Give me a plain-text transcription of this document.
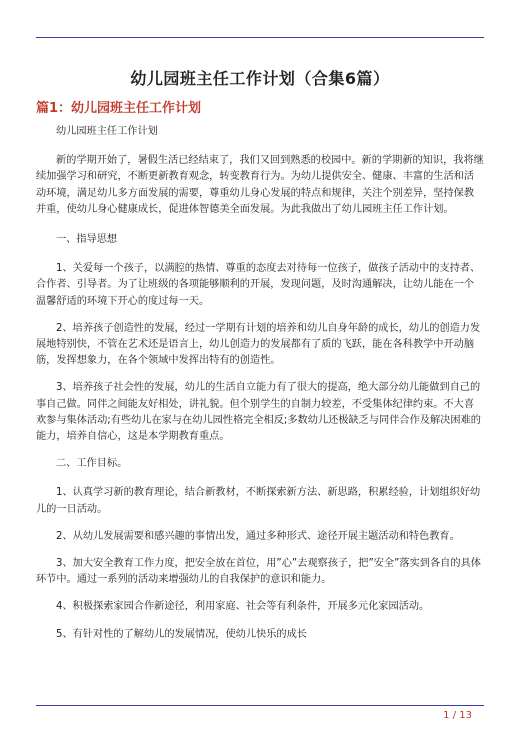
幼儿园班主任工作计划（合集6篇）
篇1：幼儿园班主任工作计划

幼儿园班主任工作计划

新的学期开始了，暑假生活已经结束了，我们又回到熟悉的校园中。新的学期新的知识，我将继续加强学习和研究，不断更新教育观念，转变教育行为。为幼儿提供安全、健康、丰富的生活和活动环境，满足幼儿多方面发展的需要，尊重幼儿身心发展的特点和规律，关注个别差异，坚持保教并重，使幼儿身心健康成长，促进体智德美全面发展。为此我做出了幼儿园班主任工作计划。

一、指导思想

1、关爱每一个孩子，以满腔的热情、尊重的态度去对待每一位孩子，做孩子活动中的支持者、合作者、引导者。为了让班级的各项能够顺利的开展，发现问题，及时沟通解决，让幼儿能在一个温馨舒适的环境下开心的度过每一天。

2、培养孩子创造性的发展，经过一学期有计划的培养和幼儿自身年龄的成长，幼儿的创造力发展地特别快，不管在艺术还是语言上，幼儿创造力的发展都有了质的飞跃，能在各科教学中开动脑筋，发挥想象力，在各个领域中发挥出特有的创造性。

3、培养孩子社会性的发展，幼儿的生活自立能力有了很大的提高，绝大部分幼儿能做到自己的事自己做。同伴之间能友好相处，讲礼貌。但个别学生的自制力较差，不受集体纪律约束。不大喜欢参与集体活动;有些幼儿在家与在幼儿园性格完全相反;多数幼儿还极缺乏与同伴合作及解决困难的能力，培养自信心，这是本学期教育重点。

二、工作目标。

1、认真学习新的教育理论，结合新教材，不断探索新方法、新思路，积累经验，计划组织好幼儿的一日活动。

2、从幼儿发展需要和感兴趣的事情出发，通过多种形式、途径开展主题活动和特色教育。

3、加大安全教育工作力度，把安全放在首位，用”心”去观察孩子，把”安全”落实到各自的具体环节中。通过一系列的活动来增强幼儿的自我保护的意识和能力。

4、积极探索家园合作新途径，利用家庭、社会等有利条件，开展多元化家园活动。

5、有针对性的了解幼儿的发展情况，使幼儿快乐的成长

1 / 13
